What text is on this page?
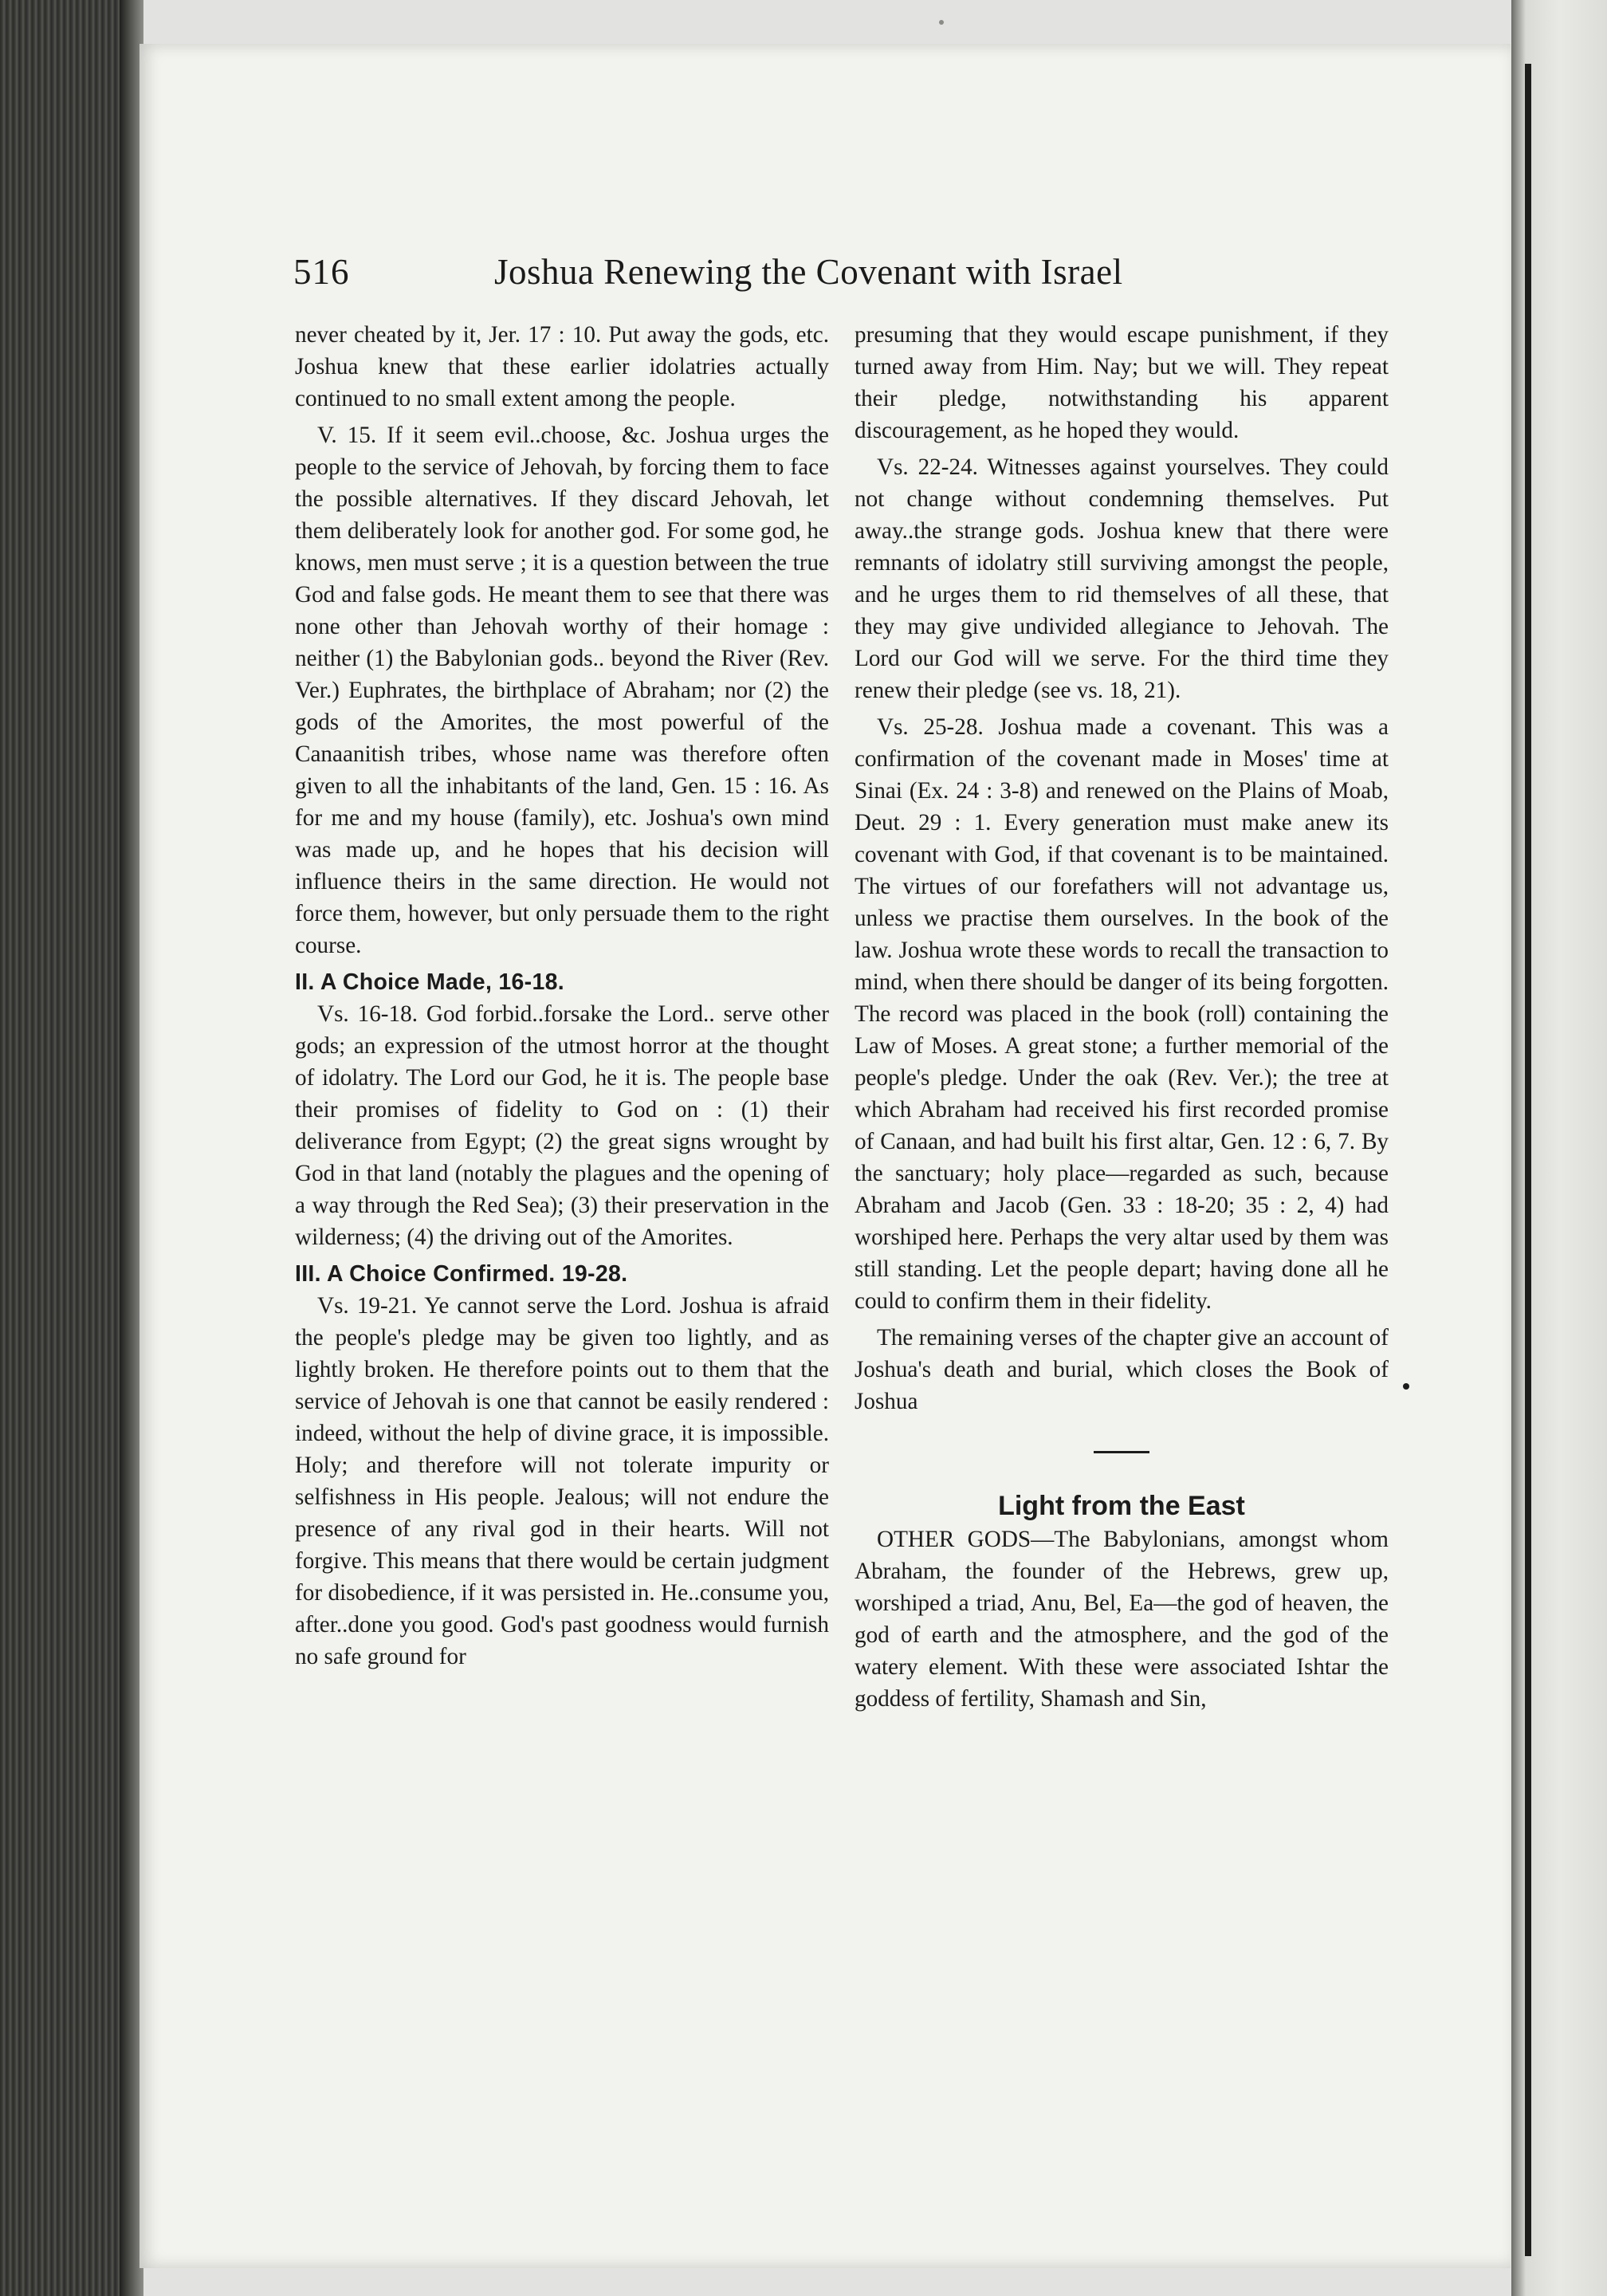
516	Joshua Renewing the Covenant with Israel

never cheated by it, Jer. 17 : 10. Put away the gods, etc. Joshua knew that these earlier idolatries actually continued to no small extent among the people.

V. 15. If it seem evil..choose, &c. Joshua urges the people to the service of Jehovah, by forcing them to face the possible alternatives. If they discard Jehovah, let them deliberately look for another god. For some god, he knows, men must serve ; it is a question between the true God and false gods. He meant them to see that there was none other than Jehovah worthy of their homage : neither (1) the Babylonian gods.. beyond the River (Rev. Ver.) Euphrates, the birthplace of Abraham; nor (2) the gods of the Amorites, the most powerful of the Canaanitish tribes, whose name was therefore often given to all the inhabitants of the land, Gen. 15 : 16. As for me and my house (family), etc. Joshua's own mind was made up, and he hopes that his decision will influence theirs in the same direction. He would not force them, however, but only persuade them to the right course.

II. A Choice Made, 16-18.

Vs. 16-18. God forbid..forsake the Lord.. serve other gods; an expression of the utmost horror at the thought of idolatry. The Lord our God, he it is. The people base their promises of fidelity to God on : (1) their deliverance from Egypt; (2) the great signs wrought by God in that land (notably the plagues and the opening of a way through the Red Sea); (3) their preservation in the wilderness; (4) the driving out of the Amorites.

III. A Choice Confirmed. 19-28.

Vs. 19-21. Ye cannot serve the Lord. Joshua is afraid the people's pledge may be given too lightly, and as lightly broken. He therefore points out to them that the service of Jehovah is one that cannot be easily rendered : indeed, without the help of divine grace, it is impossible. Holy; and therefore will not tolerate impurity or selfishness in His people. Jealous; will not endure the presence of any rival god in their hearts. Will not forgive. This means that there would be certain judgment for disobedience, if it was persisted in. He..consume you, after..done you good. God's past goodness would furnish no safe ground for

presuming that they would escape punishment, if they turned away from Him. Nay; but we will. They repeat their pledge, notwithstanding his apparent discouragement, as he hoped they would.

Vs. 22-24. Witnesses against yourselves. They could not change without condemning themselves. Put away..the strange gods. Joshua knew that there were remnants of idolatry still surviving amongst the people, and he urges them to rid themselves of all these, that they may give undivided allegiance to Jehovah. The Lord our God will we serve. For the third time they renew their pledge (see vs. 18, 21).

Vs. 25-28. Joshua made a covenant. This was a confirmation of the covenant made in Moses' time at Sinai (Ex. 24 : 3-8) and renewed on the Plains of Moab, Deut. 29 : 1. Every generation must make anew its covenant with God, if that covenant is to be maintained. The virtues of our forefathers will not advantage us, unless we practise them ourselves. In the book of the law. Joshua wrote these words to recall the transaction to mind, when there should be danger of its being forgotten. The record was placed in the book (roll) containing the Law of Moses. A great stone; a further memorial of the people's pledge. Under the oak (Rev. Ver.); the tree at which Abraham had received his first recorded promise of Canaan, and had built his first altar, Gen. 12 : 6, 7. By the sanctuary; holy place—regarded as such, because Abraham and Jacob (Gen. 33 : 18-20; 35 : 2, 4) had worshiped here. Perhaps the very altar used by them was still standing. Let the people depart; having done all he could to confirm them in their fidelity.

The remaining verses of the chapter give an account of Joshua's death and burial, which closes the Book of Joshua

Light from the East

OTHER GODS—The Babylonians, amongst whom Abraham, the founder of the Hebrews, grew up, worshiped a triad, Anu, Bel, Ea—the god of heaven, the god of earth and the atmosphere, and the god of the watery element. With these were associated Ishtar the goddess of fertility, Shamash and Sin,
